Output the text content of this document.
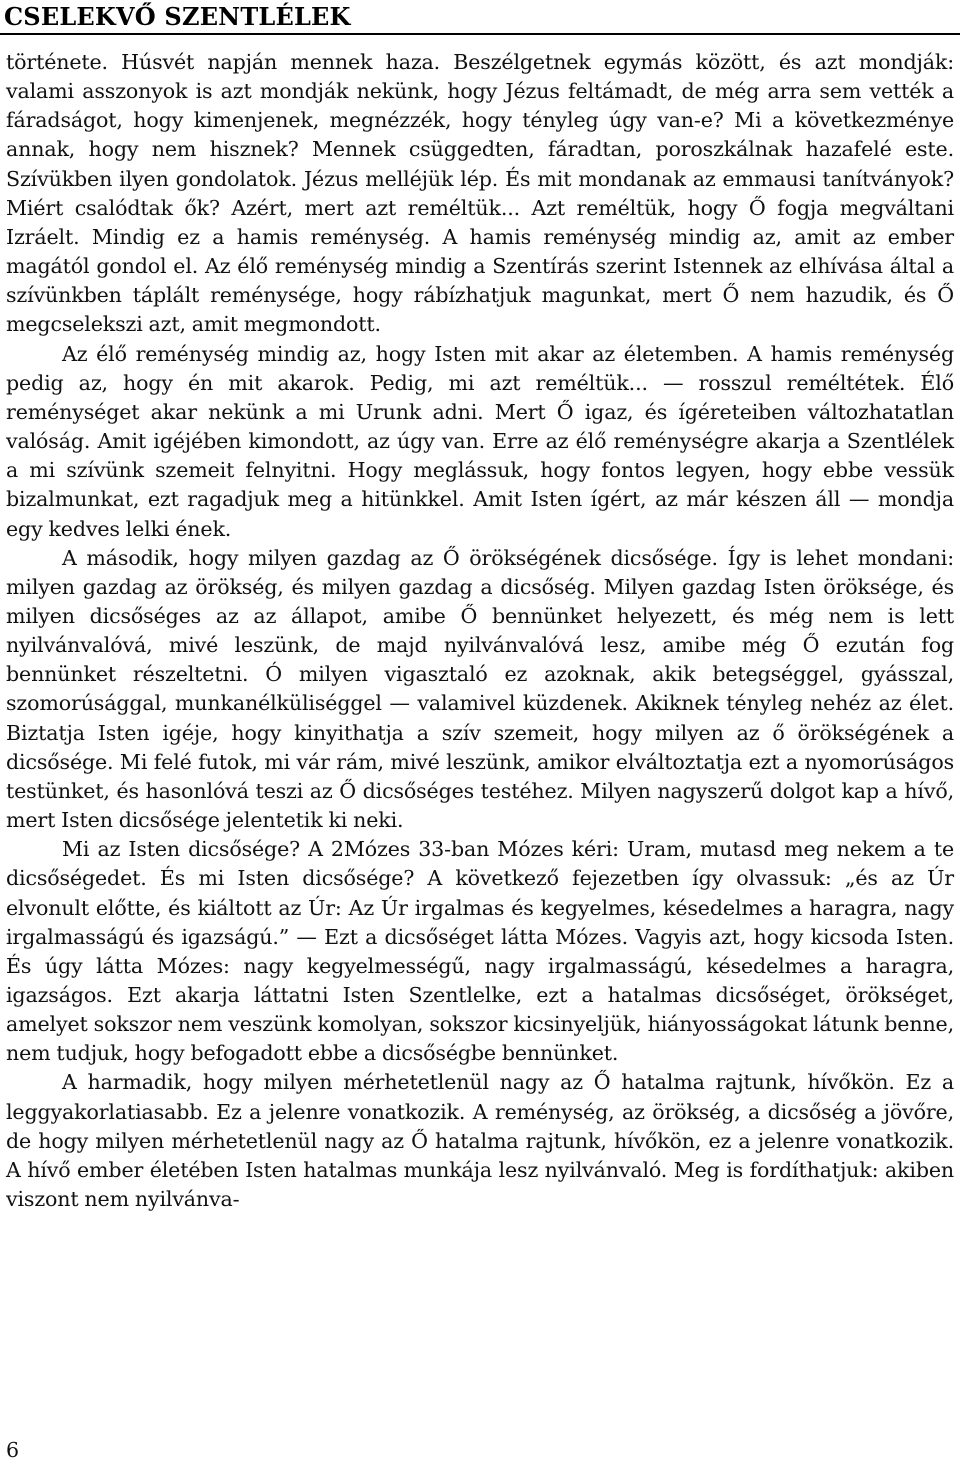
CSELEKVŐ SZENTLÉLEK

története. Húsvét napján mennek haza. Beszélgetnek egymás között, és azt mondják: valami asszonyok is azt mondják nekünk, hogy Jézus feltámadt, de még arra sem vették a fáradságot, hogy kimenjenek, megnézzék, hogy tényleg úgy van-e? Mi a következménye annak, hogy nem hisznek? Mennek csüggedten, fáradtan, poroszkálnak hazafelé este. Szívükben ilyen gondolatok. Jézus melléjük lép. És mit mondanak az emmausi tanítványok? Miért csalódtak ők? Azért, mert azt reméltük... Azt reméltük, hogy Ő fogja megváltani Izráelt. Mindig ez a hamis reménység. A hamis reménység mindig az, amit az ember magától gondol el. Az élő reménység mindig a Szentírás szerint Istennek az elhívása által a szívünkben táplált reménysége, hogy rábízhatjuk magunkat, mert Ő nem hazudik, és Ő megcselekszi azt, amit megmondott.

Az élő reménység mindig az, hogy Isten mit akar az életemben. A hamis reménység pedig az, hogy én mit akarok. Pedig, mi azt reméltük... — rosszul reméltétek. Élő reménységet akar nekünk a mi Urunk adni. Mert Ő igaz, és ígéreteiben változhatatlan valóság. Amit igéjében kimondott, az úgy van. Erre az élő reménységre akarja a Szentlélek a mi szívünk szemeit felnyitni. Hogy meglássuk, hogy fontos legyen, hogy ebbe vessük bizalmunkat, ezt ragadjuk meg a hitünkkel. Amit Isten ígért, az már készen áll — mondja egy kedves lelki ének.

A második, hogy milyen gazdag az Ő örökségének dicsősége. Így is lehet mondani: milyen gazdag az örökség, és milyen gazdag a dicsőség. Milyen gazdag Isten öröksége, és milyen dicsőséges az az állapot, amibe Ő bennünket helyezett, és még nem is lett nyilvánvalóvá, mivé leszünk, de majd nyilvánvalóvá lesz, amibe még Ő ezután fog bennünket részeltetni. Ó milyen vigasztaló ez azoknak, akik betegséggel, gyásszal, szomorúsággal, munkanélküliséggel — valamivel küzdenek. Akiknek tényleg nehéz az élet. Biztatja Isten igéje, hogy kinyithatja a szív szemeit, hogy milyen az ő örökségének a dicsősége. Mi felé futok, mi vár rám, mivé leszünk, amikor elváltoztatja ezt a nyomorúságos testünket, és hasonlóvá teszi az Ő dicsőséges testéhez. Milyen nagyszerű dolgot kap a hívő, mert Isten dicsősége jelentetik ki neki.

Mi az Isten dicsősége? A 2Mózes 33-ban Mózes kéri: Uram, mutasd meg nekem a te dicsőségedet. És mi Isten dicsősége? A következő fejezetben így olvassuk: „és az Úr elvonult előtte, és kiáltott az Úr: Az Úr irgalmas és kegyelmes, késedelmes a haragra, nagy irgalmasságú és igazságú.” — Ezt a dicsőséget látta Mózes. Vagyis azt, hogy kicsoda Isten. És úgy látta Mózes: nagy kegyelmességű, nagy irgalmasságú, késedelmes a haragra, igazságos. Ezt akarja láttatni Isten Szentlelke, ezt a hatalmas dicsőséget, örökséget, amelyet sokszor nem veszünk komolyan, sokszor kicsinyeljük, hiányosságokat látunk benne, nem tudjuk, hogy befogadott ebbe a dicsőségbe bennünket.

A harmadik, hogy milyen mérhetetlenül nagy az Ő hatalma rajtunk, hívőkön. Ez a leggyakorlatiasabb. Ez a jelenre vonatkozik. A reménység, az örökség, a dicsőség a jövőre, de hogy milyen mérhetetlenül nagy az Ő hatalma rajtunk, hívőkön, ez a jelenre vonatkozik. A hívő ember életében Isten hatalmas munkája lesz nyilvánvaló. Meg is fordíthatjuk: akiben viszont nem nyilvánva-

6
